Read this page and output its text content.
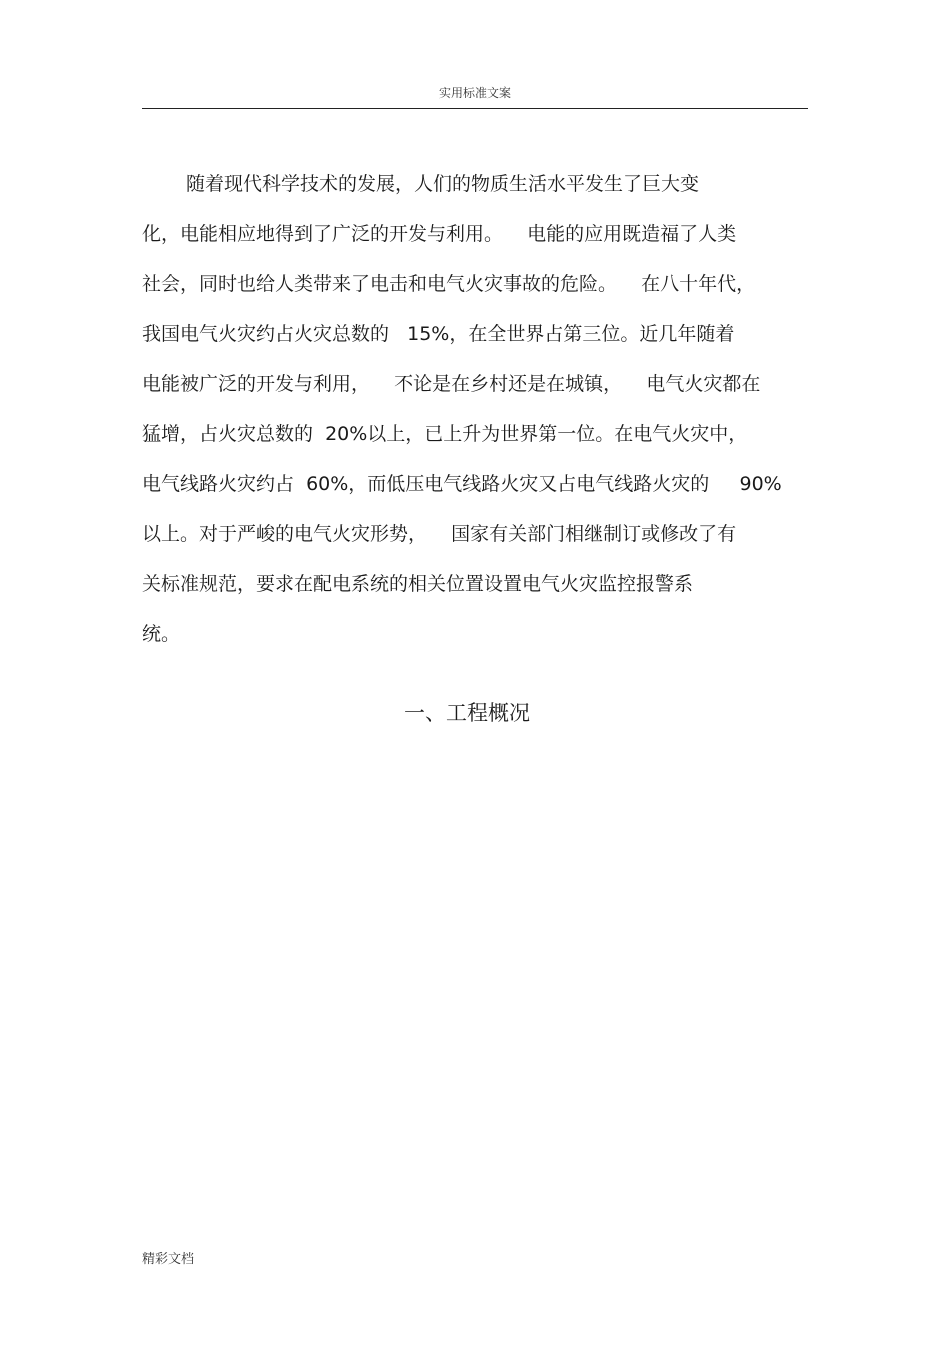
实用标准文案
随着现代科学技术的发展，人们的物质生活水平发生了巨大变
化，电能相应地得到了广泛的开发与利用。    电能的应用既造福了人类
社会，同时也给人类带来了电击和电气火灾事故的危险。    在八十年代，
我国电气火灾约占火灾总数的   15%，在全世界占第三位。近几年随着
电能被广泛的开发与利用，    不论是在乡村还是在城镇，    电气火灾都在
猛增，占火灾总数的  20%以上，已上升为世界第一位。在电气火灾中，
电气线路火灾约占  60%，而低压电气线路火灾又占电气线路火灾的     90%
以上。对于严峻的电气火灾形势，    国家有关部门相继制订或修改了有
关标准规范，要求在配电系统的相关位置设置电气火灾监控报警系
统。
一、工程概况
精彩文档
